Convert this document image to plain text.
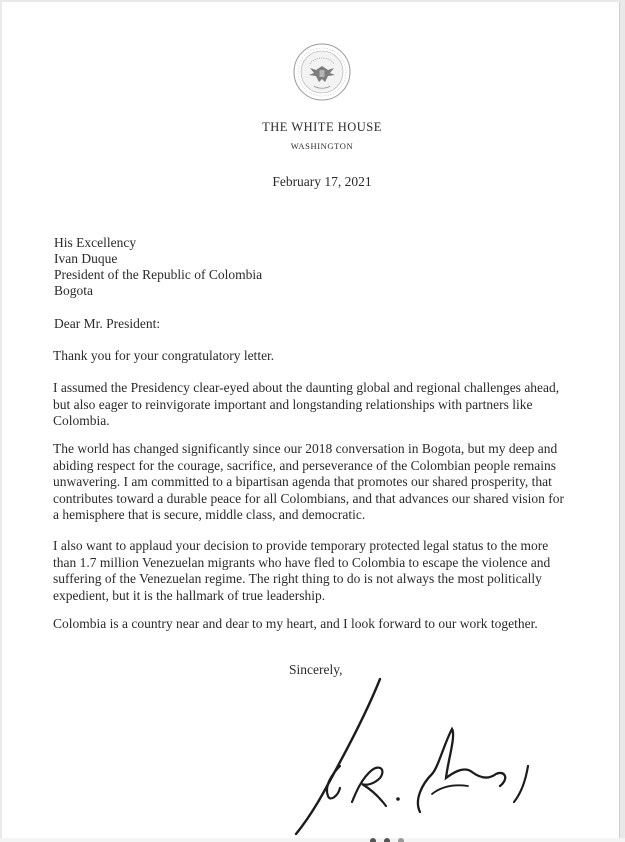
THE WHITE HOUSE
WASHINGTON
February 17, 2021
His Excellency
Ivan Duque
President of the Republic of Colombia
Bogota
Dear Mr. President:
Thank you for your congratulatory letter.
I assumed the Presidency clear-eyed about the daunting global and regional challenges ahead, but also eager to reinvigorate important and longstanding relationships with partners like Colombia.
The world has changed significantly since our 2018 conversation in Bogota, but my deep and abiding respect for the courage, sacrifice, and perseverance of the Colombian people remains unwavering. I am committed to a bipartisan agenda that promotes our shared prosperity, that contributes toward a durable peace for all Colombians, and that advances our shared vision for a hemisphere that is secure, middle class, and democratic.
I also want to applaud your decision to provide temporary protected legal status to the more than 1.7 million Venezuelan migrants who have fled to Colombia to escape the violence and suffering of the Venezuelan regime. The right thing to do is not always the most politically expedient, but it is the hallmark of true leadership.
Colombia is a country near and dear to my heart, and I look forward to our work together.
Sincerely,
